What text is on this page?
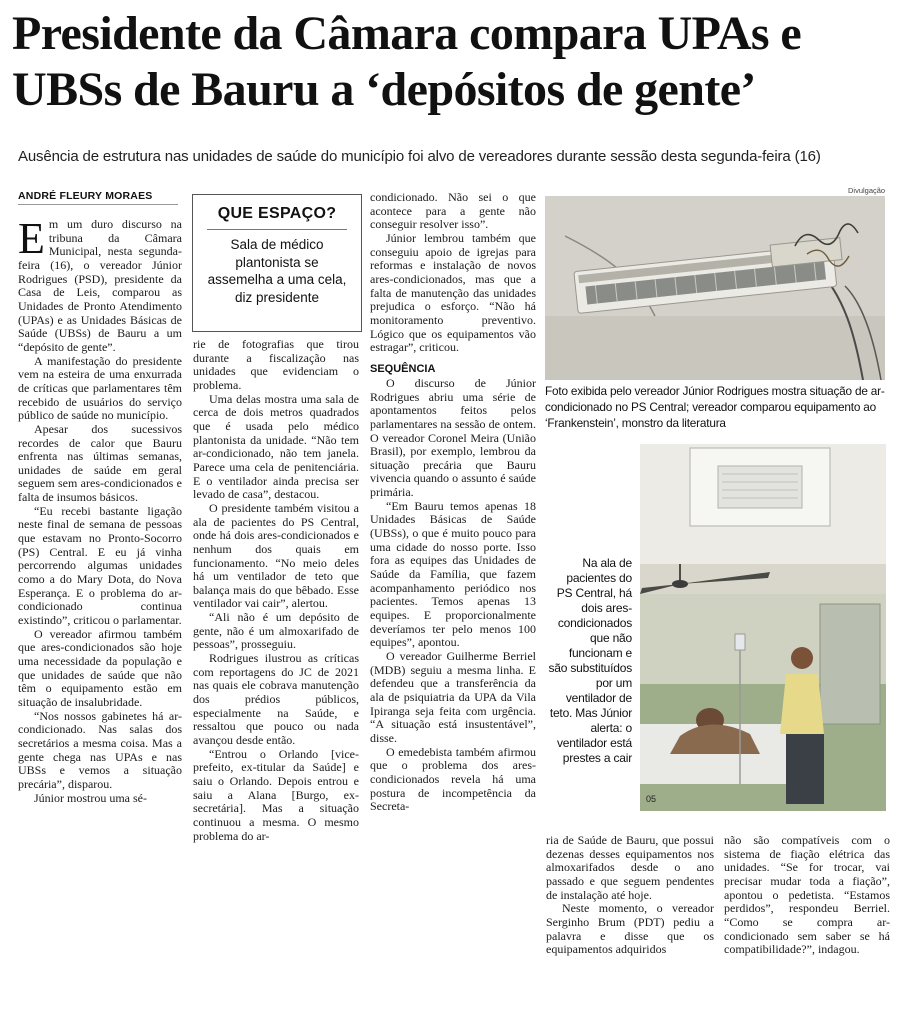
Presidente da Câmara compara UPAs e UBSs de Bauru a ‘depósitos de gente’

Ausência de estrutura nas unidades de saúde do município foi alvo de vereadores durante sessão desta segunda-feira (16)

ANDRÉ FLEURY MORAES	Divulgação

Em um duro discurso na tribuna da Câmara Municipal, nesta segunda-feira (16), o vereador Júnior Rodrigues (PSD), presidente da Casa de Leis, comparou as Unidades de Pronto Atendimento (UPAs) e as Unidades Básicas de Saúde (UBSs) de Bauru a um “depósito de gente”.

A manifestação do presidente vem na esteira de uma enxurrada de críticas que parlamentares têm recebido de usuários do serviço público de saúde no município.

Apesar dos sucessivos recordes de calor que Bauru enfrenta nas últimas semanas, unidades de saúde em geral seguem sem ares-condicionados e falta de insumos básicos.

“Eu recebi bastante ligação neste final de semana de pessoas que estavam no Pronto-Socorro (PS) Central. E eu já vinha percorrendo algumas unidades como a do Mary Dota, do Nova Esperança. E o problema do ar-condicionado continua existindo”, criticou o parlamentar.

O vereador afirmou também que ares-condicionados são hoje uma necessidade da população e que unidades de saúde que não têm o equipamento estão em situação de insalubridade.

“Nos nossos gabinetes há ar-condicionado. Nas salas dos secretários a mesma coisa. Mas a gente chega nas UPAs e nas UBSs e vemos a situação precária”, disparou.

Júnior mostrou uma sé-

QUE ESPAÇO?
Sala de médico plantonista se assemelha a uma cela, diz presidente

rie de fotografias que tirou durante a fiscalização nas unidades que evidenciam o problema.

Uma delas mostra uma sala de cerca de dois metros quadrados que é usada pelo médico plantonista da unidade. “Não tem ar-condicionado, não tem janela. Parece uma cela de penitenciária. E o ventilador ainda precisa ser levado de casa”, destacou.

O presidente também visitou a ala de pacientes do PS Central, onde há dois ares-condicionados e nenhum dos quais em funcionamento. “No meio deles há um ventilador de teto que balança mais do que bêbado. Esse ventilador vai cair”, alertou.

“Ali não é um depósito de gente, não é um almoxarifado de pessoas”, prosseguiu.

Rodrigues ilustrou as críticas com reportagens do JC de 2021 nas quais ele cobrava manutenção dos prédios públicos, especialmente na Saúde, e ressaltou que pouco ou nada avançou desde então.

“Entrou o Orlando [vice-prefeito, ex-titular da Saúde] e saiu o Orlando. Depois entrou e saiu a Alana [Burgo, ex-secretária]. Mas a situação continuou a mesma. O mesmo problema do ar-

condicionado. Não sei o que acontece para a gente não conseguir resolver isso”.

Júnior lembrou também que conseguiu apoio de igrejas para reformas e instalação de novos ares-condicionados, mas que a falta de manutenção das unidades prejudica o esforço. “Não há monitoramento preventivo. Lógico que os equipamentos vão estragar”, criticou.

SEQUÊNCIA

O discurso de Júnior Rodrigues abriu uma série de apontamentos feitos pelos parlamentares na sessão de ontem. O vereador Coronel Meira (União Brasil), por exemplo, lembrou da situação precária que Bauru vivencia quando o assunto é saúde primária.

“Em Bauru temos apenas 18 Unidades Básicas de Saúde (UBSs), o que é muito pouco para uma cidade do nosso porte. Isso fora as equipes das Unidades de Saúde da Família, que fazem acompanhamento periódico nos pacientes. Temos apenas 13 equipes. E proporcionalmente deveríamos ter pelo menos 100 equipes”, apontou.

O vereador Guilherme Berriel (MDB) seguiu a mesma linha. E defendeu que a transferência da ala de psiquiatria da UPA da Vila Ipiranga seja feita com urgência. “A situação está insustentável”, disse.

O emedebista também afirmou que o problema dos ares-condicionados revela há uma postura de incompetência da Secreta-

Foto exibida pelo vereador Júnior Rodrigues mostra situação de ar-condicionado no PS Central; vereador comparou equipamento ao ‘Frankenstein’, monstro da literatura

05

Na ala de pacientes do PS Central, há dois ares-condicionados que não funcionam e são substituídos por um ventilador de teto. Mas Júnior alerta: o ventilador está prestes a cair

ria de Saúde de Bauru, que possui dezenas desses equipamentos nos almoxarifados desde o ano passado e que seguem pendentes de instalação até hoje.

Neste momento, o vereador Serginho Brum (PDT) pediu a palavra e disse que os equipamentos adquiridos

não são compatíveis com o sistema de fiação elétrica das unidades. “Se for trocar, vai precisar mudar toda a fiação”, apontou o pedetista. “Estamos perdidos”, respondeu Berriel. “Como se compra ar-condicionado sem saber se há compatibilidade?”, indagou.
